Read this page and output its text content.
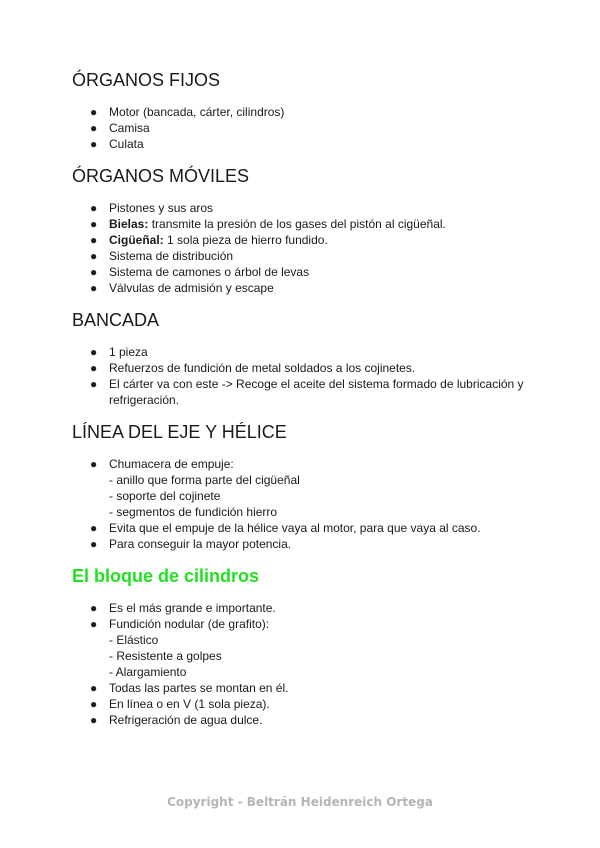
ÓRGANOS FIJOS
● Motor (bancada, cárter, cilindros)
● Camisa
● Culata
ÓRGANOS MÓVILES
● Pistones y sus aros
● Bielas: transmite la presión de los gases del pistón al cigüeñal.
● Cigüeñal: 1 sola pieza de hierro fundido.
● Sistema de distribución
● Sistema de camones o árbol de levas
● Válvulas de admisión y escape
BANCADA
● 1 pieza
● Refuerzos de fundición de metal soldados a los cojinetes.
● El cárter va con este -> Recoge el aceite del sistema formado de lubricación y
refrigeración.
LÍNEA DEL EJE Y HÉLICE
● Chumacera de empuje:
- anillo que forma parte del cigüeñal
- soporte del cojinete
- segmentos de fundición hierro
● Evita que el empuje de la hélice vaya al motor, para que vaya al caso.
● Para conseguir la mayor potencia.
El bloque de cilindros
● Es el más grande e importante.
● Fundición nodular (de grafito):
- Elástico
- Resistente a golpes
- Alargamiento
● Todas las partes se montan en él.
● En línea o en V (1 sola pieza).
● Refrigeración de agua dulce.
Copyright - Beltrán Heidenreich Ortega
